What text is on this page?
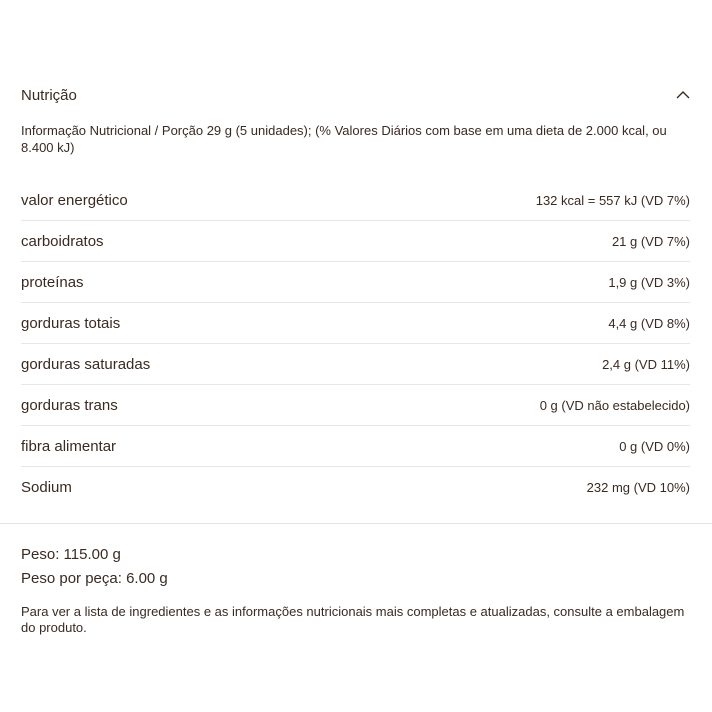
Nutrição
Informação Nutricional / Porção 29 g (5 unidades); (% Valores Diários com base em uma dieta de 2.000 kcal, ou 8.400 kJ)
valor energético	132 kcal = 557 kJ (VD 7%)
carboidratos	21 g (VD 7%)
proteínas	1,9 g (VD 3%)
gorduras totais	4,4 g (VD 8%)
gorduras saturadas	2,4 g (VD 11%)
gorduras trans	0 g (VD não estabelecido)
fibra alimentar	0 g (VD 0%)
Sodium	232 mg (VD 10%)
Peso: 115.00 g
Peso por peça: 6.00 g
Para ver a lista de ingredientes e as informações nutricionais mais completas e atualizadas, consulte a embalagem do produto.
